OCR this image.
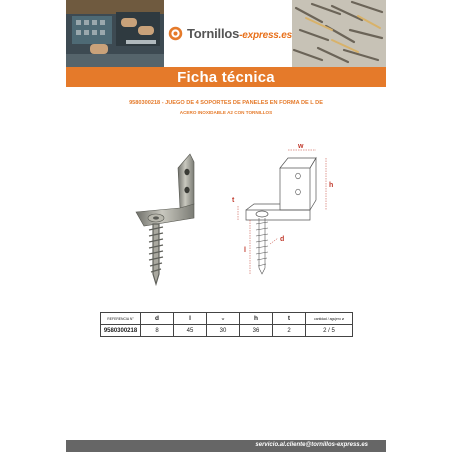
Tornillos-express.es
Ficha técnica
9580300218 - JUEGO DE 4 SOPORTES DE PANELES EN FORMA DE L DE
ACERO INOXIDABLE A2 CON TORNILLOS
w
h
t
l
d
REFERENCIA N°	d	l	w	h	t	cantidad / agujero ø
9580300218	8	45	30	36	2	2 / 5
servicio.al.cliente@tornillos-express.es
